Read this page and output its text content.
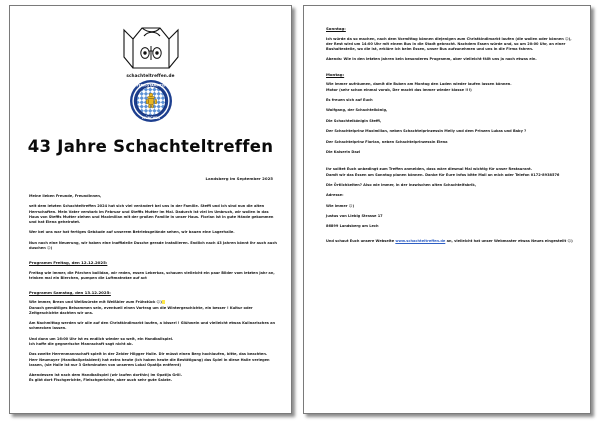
schachteltreffen.de
BAYERN-STAMMTISCH
MÜNCHEN
43 Jahre Schachteltreffen
Landsberg im September 2025

Meine lieben Freunde, Freundinnen,

seit dem letzten Schachteltreffen 2024 hat sich viel verändert bei uns in der Familie. Steffi und ich sind nun die alten Herrschaften. Mein Vater verstarb im Februar und Steffis Mutter im Mai. Dadurch ist viel im Umbruch, wir wollen in das Haus von Steffis Mutter ziehen und Maximilian mit der großen Familie in unser Haus. Florian ist in gute Hände gekommen und hat Elena geheiratet.

Wer bei uns war hat fertiges Gebäude auf unserem Betriebsgelände sehen, wir bauen eine Lagerhalle.

Nun noch eine Neuerung, wir haben eine inoffizielle Dusche gerade installieren. Endlich nach 43 Jahren könnt Ihr auch auch duschen ☺)

Programm Freitag, den 12.12.2025:

Freitag wie immer, die Pärchen bollidan, wir reden, essen Leberkas, schauen vielleicht ein paar Bilder vom letzten Jahr an,

trinken mal ein Bierchen, pumpen die Luftmatratze auf act

Programm Samstag, den 13.12.2025:

Wie immer, Brezn und Weißwürste mit Weißbier zum Frühstück ☺)

Danach gemütliges Beisammen sein, eventuell einen Vortrag um die Wintergeschichte, ein besser ! Kultur oder Zeitgeschichte dachten wir uns.

Am Nachmittag werden wir alle auf den Christkindlmarkt laufen, a bisserl ! Glühwein und vielleicht etwas Kulinarisches an schmecken lassen.

Und dann um 16:00 Uhr ist es endlich wieder so weit, ein Handballspiel.

Ich hoffe die gegnerische Mannschaft sagt nicht ab.

Das zweite Herrenmannschaft spielt in der Zeider Hilgger Halle. Dir müsst einen Berg hochlaufen, bitte, das beachten. Herr Neumayer (Handballpräsident) hat extra heute (ich haben heute die Bestätigung) das Spiel in diese Halle verlegen lassen, (sie Halle ist nur 3 Gehminuten von unserem Lokal Opatija entfernt)

Abendessen ist nach dem Handballspiel (wir laufen dorthin) im Opatija Grill.

Es gibt dort Fischgerichte, Fleischgerichte, aber auch sehr gute Salate.

Sonntag:

Ich würde da so machen, nach dem Vormittag können diejenigen zum Christkindlmarkt laufen (die wollen oder können ☺), der Rest wird um 14:00 Uhr mit einem Bus in die Stadt gebracht. Nachdem Essen würde und, so um 20:00 Uhr, an einer Bushaltestelle, wo die ist, erkläre ich beim Essen, unser Bus aufzunehmen und uns in die Firma fahren.

Abends: Wie in den letzten Jahren kein besonderes Programm, aber vielleicht fällt uns ja noch etwas ein.

Montag:

Wie immer aufräumen, damit die Buben am Montag den Laden wieder laufen lassen können.

Motor (sehr schon einmal vorab, Der macht das immer wieder klasse !!!)

Es freuen sich auf Euch

Wolfgang, der Schachtelkönig,

Die Schachtelkönigin Steffi,

Der Schachtelprinz Maximilian, neben Schachtelprinzessin Melly und dem Prinzen Lukas und Baby ?

Der Schachtelprinz Florian, neben Schachtelprinzessin Elena

Die Kaiserin Dazi

Ihr solltet Euch unbedingt zum Treffen anmelden, dass wäre diesmal Mal wichtig für unser Restaurant.

Damit wir das Essen am Sonntag planen können. Danke für Eure Infos bitte Mail an mich oder Telefon 0172-8938576

Die Örtlichkeiten? Also wie immer, in der inzwischen alten Schachtelfabrik,

Adresse:

Wie immer ☺)

Justus von Liebig Strasse 17

86899 Landsberg am Lech

Und schaut Euch unsere Webseite www.schachteltreffen.de an, vielleicht hat unser Webmaster etwas Neues eingestellt ☺)
